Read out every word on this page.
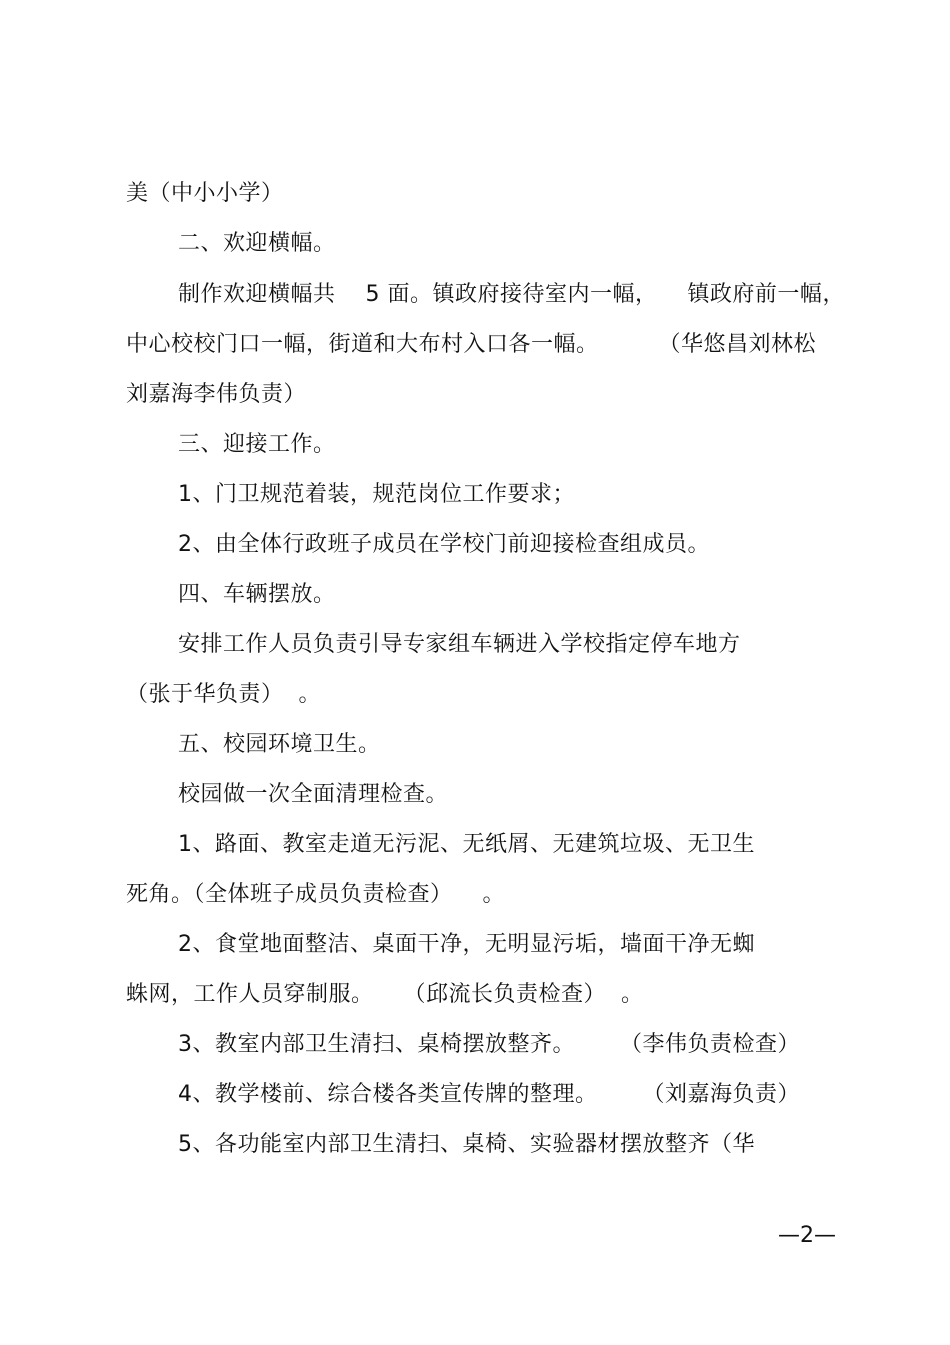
美（中小小学）
二、欢迎横幅。
制作欢迎横幅共    5 面。镇政府接待室内一幅，    镇政府前一幅，
中心校校门口一幅，街道和大布村入口各一幅。        （华悠昌刘林松
刘嘉海李伟负责）
三、迎接工作。
1、门卫规范着装，规范岗位工作要求；
2、由全体行政班子成员在学校门前迎接检查组成员。
四、车辆摆放。
安排工作人员负责引导专家组车辆进入学校指定停车地方
（张于华负责）  。
五、校园环境卫生。
校园做一次全面清理检查。
1、路面、教室走道无污泥、无纸屑、无建筑垃圾、无卫生
死角。（全体班子成员负责检查）    。
2、食堂地面整洁、桌面干净，无明显污垢，墙面干净无蜘
蛛网，工作人员穿制服。    （邱流长负责检查）  。
3、教室内部卫生清扫、桌椅摆放整齐。      （李伟负责检查）
4、教学楼前、综合楼各类宣传牌的整理。      （刘嘉海负责）
5、各功能室内部卫生清扫、桌椅、实验器材摆放整齐（华
—2—
